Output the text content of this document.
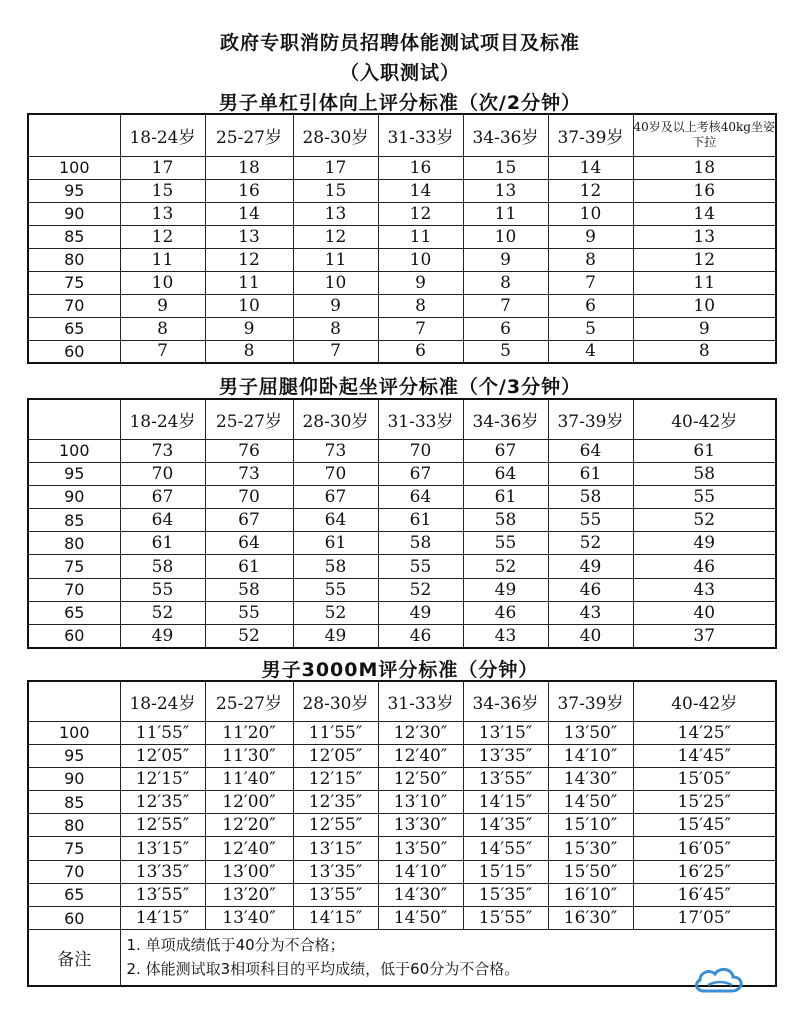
政府专职消防员招聘体能测试项目及标准
（入职测试）
男子单杠引体向上评分标准（次/2分钟）
	18-24岁	25-27岁	28-30岁	31-33岁	34-36岁	37-39岁	40岁及以上考核40kg坐姿下拉
100	17	18	17	16	15	14	18
95	15	16	15	14	13	12	16
90	13	14	13	12	11	10	14
85	12	13	12	11	10	9	13
80	11	12	11	10	9	8	12
75	10	11	10	9	8	7	11
70	9	10	9	8	7	6	10
65	8	9	8	7	6	5	9
60	7	8	7	6	5	4	8
男子屈腿仰卧起坐评分标准（个/3分钟）
	18-24岁	25-27岁	28-30岁	31-33岁	34-36岁	37-39岁	40-42岁
100	73	76	73	70	67	64	61
95	70	73	70	67	64	61	58
90	67	70	67	64	61	58	55
85	64	67	64	61	58	55	52
80	61	64	61	58	55	52	49
75	58	61	58	55	52	49	46
70	55	58	55	52	49	46	43
65	52	55	52	49	46	43	40
60	49	52	49	46	43	40	37
男子3000M评分标准（分钟）
	18-24岁	25-27岁	28-30岁	31-33岁	34-36岁	37-39岁	40-42岁
100	11′55″	11′20″	11′55″	12′30″	13′15″	13′50″	14′25″
95	12′05″	11′30″	12′05″	12′40″	13′35″	14′10″	14′45″
90	12′15″	11′40″	12′15″	12′50″	13′55″	14′30″	15′05″
85	12′35″	12′00″	12′35″	13′10″	14′15″	14′50″	15′25″
80	12′55″	12′20″	12′55″	13′30″	14′35″	15′10″	15′45″
75	13′15″	12′40″	13′15″	13′50″	14′55″	15′30″	16′05″
70	13′35″	13′00″	13′35″	14′10″	15′15″	15′50″	16′25″
65	13′55″	13′20″	13′55″	14′30″	15′35″	16′10″	16′45″
60	14′15″	13′40″	14′15″	14′50″	15′55″	16′30″	17′05″
备注	1. 单项成绩低于40分为不合格；
2. 体能测试取3相项科目的平均成绩，低于60分为不合格。						
